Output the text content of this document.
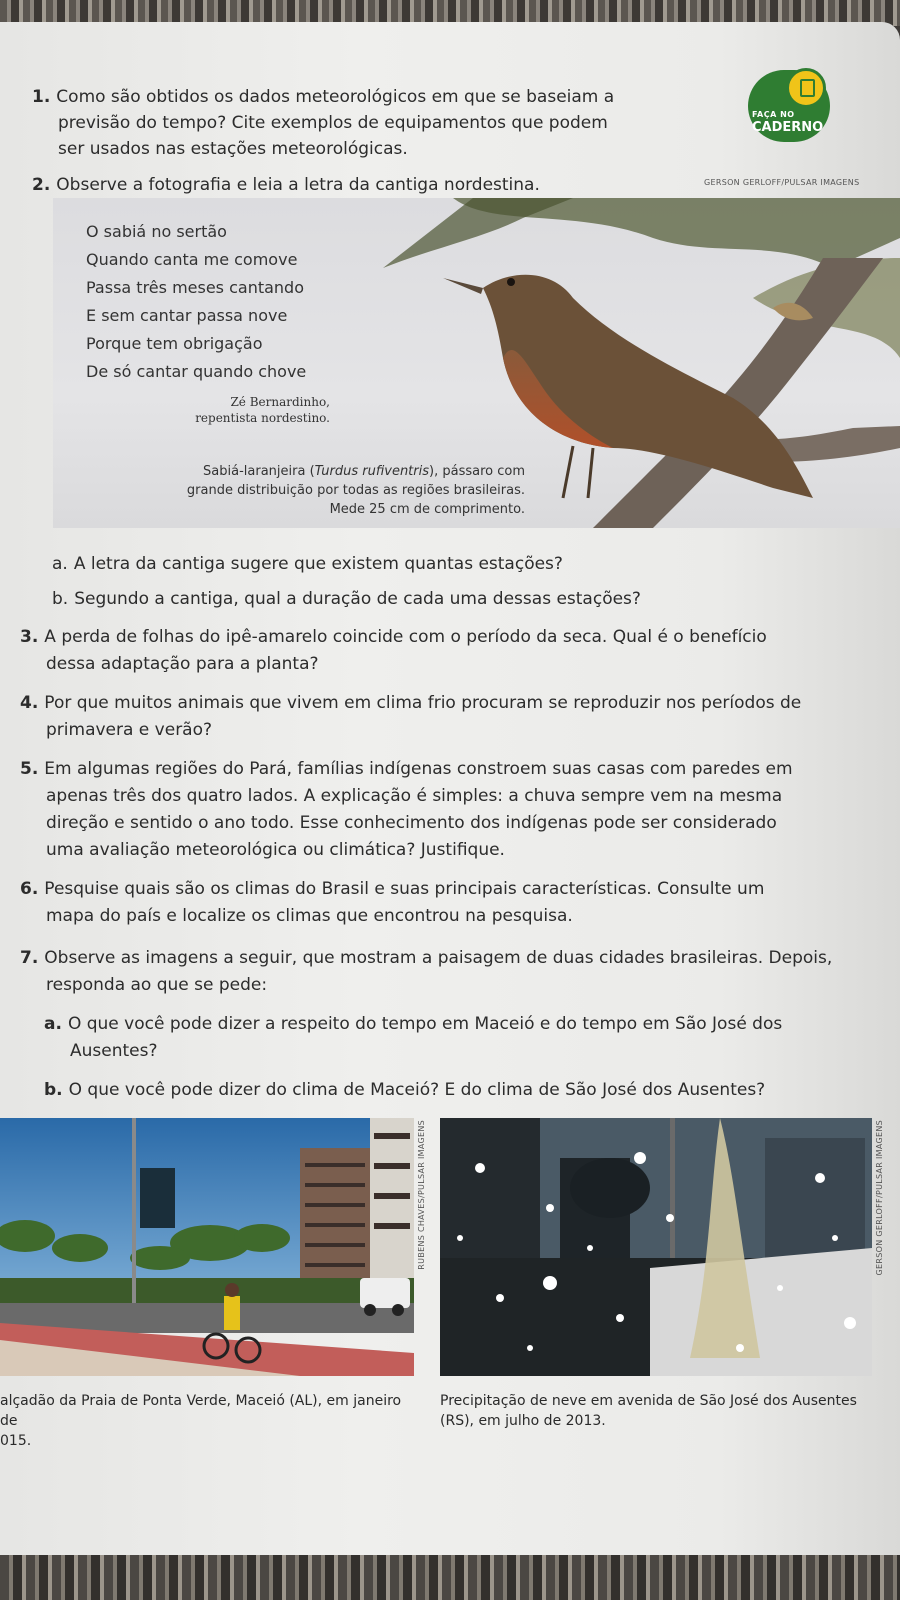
1. Como são obtidos os dados meteorológicos em que se baseiam a
previsão do tempo? Cite exemplos de equipamentos que podem
ser usados nas estações meteorológicas.
FAÇA NO
CADERNO
2. Observe a fotografia e leia a letra da cantiga nordestina.	GERSON GERLOFF/PULSAR IMAGENS
O sabiá no sertão
Quando canta me comove
Passa três meses cantando
E sem cantar passa nove
Porque tem obrigação
De só cantar quando chove
Zé Bernardinho,
repentista nordestino.
Sabiá-laranjeira (Turdus rufiventris), pássaro com
grande distribuição por todas as regiões brasileiras.
Mede 25 cm de comprimento.
a. A letra da cantiga sugere que existem quantas estações?
b. Segundo a cantiga, qual a duração de cada uma dessas estações?
3. A perda de folhas do ipê-amarelo coincide com o período da seca. Qual é o benefício
dessa adaptação para a planta?
4. Por que muitos animais que vivem em clima frio procuram se reproduzir nos períodos de
primavera e verão?
5. Em algumas regiões do Pará, famílias indígenas constroem suas casas com paredes em
apenas três dos quatro lados. A explicação é simples: a chuva sempre vem na mesma
direção e sentido o ano todo. Esse conhecimento dos indígenas pode ser considerado
uma avaliação meteorológica ou climática? Justifique.
6. Pesquise quais são os climas do Brasil e suas principais características. Consulte um
mapa do país e localize os climas que encontrou na pesquisa.
7. Observe as imagens a seguir, que mostram a paisagem de duas cidades brasileiras. Depois,
responda ao que se pede:
a. O que você pode dizer a respeito do tempo em Maceió e do tempo em São José dos
Ausentes?
b. O que você pode dizer do clima de Maceió? E do clima de São José dos Ausentes?
RUBENS CHAVES/PULSAR IMAGENS	GERSON GERLOFF/PULSAR IMAGENS
alçadão da Praia de Ponta Verde, Maceió (AL), em janeiro de
015.
Precipitação de neve em avenida de São José dos Ausentes
(RS), em julho de 2013.
